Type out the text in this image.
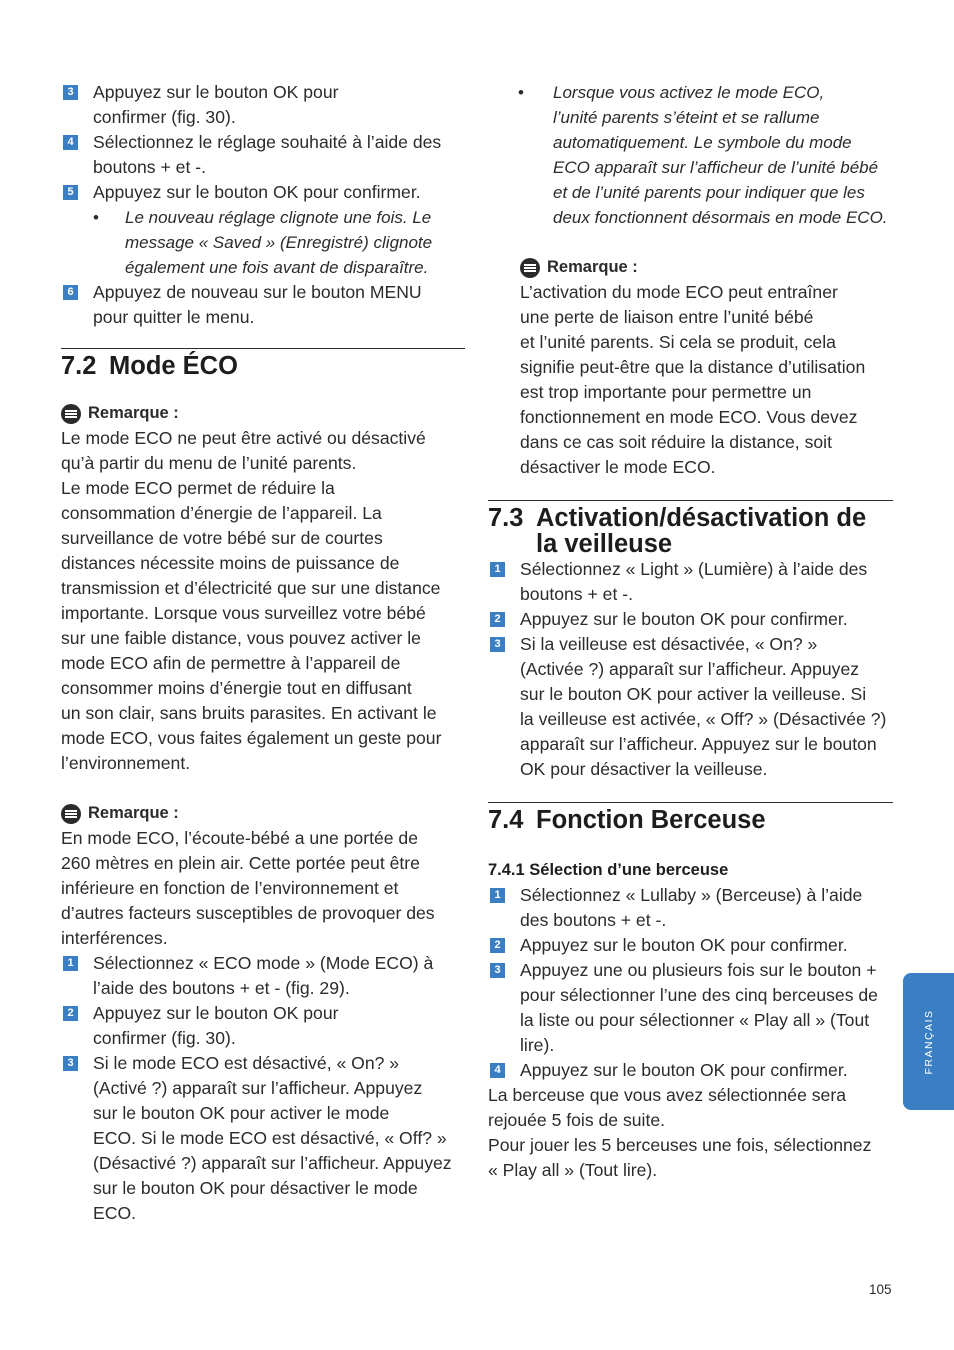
3 Appuyez sur le bouton OK pour
confirmer (fig. 30).
4 Sélectionnez le réglage souhaité à l’aide des
boutons + et -.
5 Appuyez sur le bouton OK pour confirmer.
• Le nouveau réglage clignote une fois. Le
message « Saved » (Enregistré) clignote
également une fois avant de disparaître.
6 Appuyez de nouveau sur le bouton MENU
pour quitter le menu.
7.2 Mode ÉCO
Remarque :
Le mode ECO ne peut être activé ou désactivé
qu’à partir du menu de l’unité parents.
Le mode ECO permet de réduire la
consommation d’énergie de l’appareil. La
surveillance de votre bébé sur de courtes
distances nécessite moins de puissance de
transmission et d’électricité que sur une distance
importante. Lorsque vous surveillez votre bébé
sur une faible distance, vous pouvez activer le
mode ECO afin de permettre à l’appareil de
consommer moins d’énergie tout en diffusant
un son clair, sans bruits parasites. En activant le
mode ECO, vous faites également un geste pour
l’environnement.
Remarque :
En mode ECO, l’écoute-bébé a une portée de
260 mètres en plein air. Cette portée peut être
inférieure en fonction de l’environnement et
d’autres facteurs susceptibles de provoquer des
interférences.
1 Sélectionnez « ECO mode » (Mode ECO) à
l’aide des boutons + et - (fig. 29).
2 Appuyez sur le bouton OK pour
confirmer (fig. 30).
3 Si le mode ECO est désactivé, « On? »
(Activé ?) apparaît sur l’afficheur. Appuyez
sur le bouton OK pour activer le mode
ECO. Si le mode ECO est désactivé, « Off? »
(Désactivé ?) apparaît sur l’afficheur. Appuyez
sur le bouton OK pour désactiver le mode
ECO.
• Lorsque vous activez le mode ECO,
l’unité parents s’éteint et se rallume
automatiquement. Le symbole du mode
ECO apparaît sur l’afficheur de l’unité bébé
et de l’unité parents pour indiquer que les
deux fonctionnent désormais en mode ECO.
Remarque :
L’activation du mode ECO peut entraîner
une perte de liaison entre l’unité bébé
et l’unité parents. Si cela se produit, cela
signifie peut-être que la distance d’utilisation
est trop importante pour permettre un
fonctionnement en mode ECO. Vous devez
dans ce cas soit réduire la distance, soit
désactiver le mode ECO.
7.3 Activation/désactivation de
la veilleuse
1 Sélectionnez « Light » (Lumière) à l’aide des
boutons + et -.
2 Appuyez sur le bouton OK pour confirmer.
3 Si la veilleuse est désactivée, « On? »
(Activée ?) apparaît sur l’afficheur. Appuyez
sur le bouton OK pour activer la veilleuse. Si
la veilleuse est activée, « Off? » (Désactivée ?)
apparaît sur l’afficheur. Appuyez sur le bouton
OK pour désactiver la veilleuse.
7.4 Fonction Berceuse
7.4.1 Sélection d’une berceuse
1 Sélectionnez « Lullaby » (Berceuse) à l’aide
des boutons + et -.
2 Appuyez sur le bouton OK pour confirmer.
3 Appuyez une ou plusieurs fois sur le bouton +
pour sélectionner l’une des cinq berceuses de
la liste ou pour sélectionner « Play all » (Tout
lire).
4 Appuyez sur le bouton OK pour confirmer.
La berceuse que vous avez sélectionnée sera
rejouée 5 fois de suite.
Pour jouer les 5 berceuses une fois, sélectionnez
« Play all » (Tout lire).
FRANÇAIS
105
